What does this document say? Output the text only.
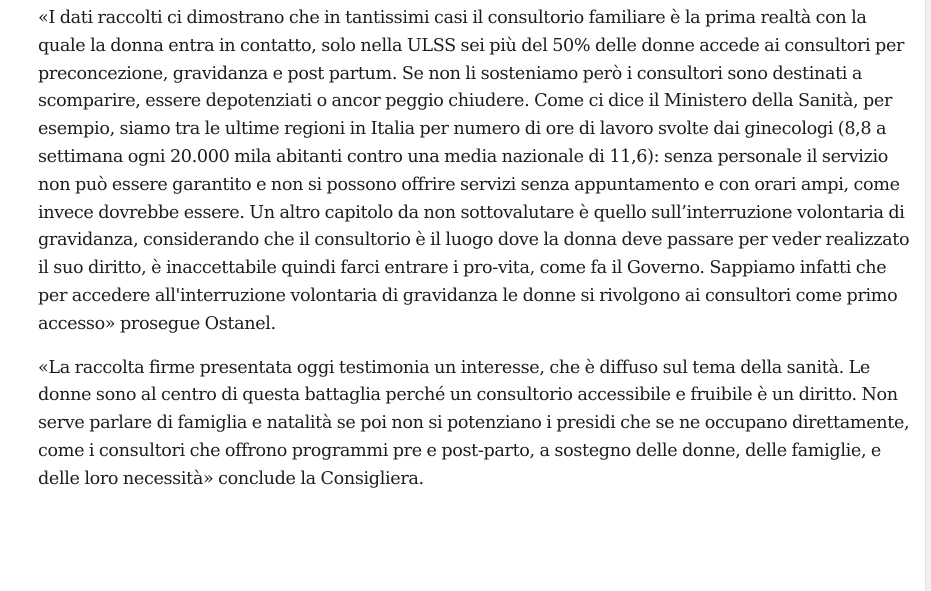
«I dati raccolti ci dimostrano che in tantissimi casi il consultorio familiare è la prima realtà con la quale la donna entra in contatto, solo nella ULSS sei più del 50% delle donne accede ai consultori per preconcezione, gravidanza e post partum. Se non li sosteniamo però i consultori sono destinati a scomparire, essere depotenziati o ancor peggio chiudere. Come ci dice il Ministero della Sanità, per esempio, siamo tra le ultime regioni in Italia per numero di ore di lavoro svolte dai ginecologi (8,8 a settimana ogni 20.000 mila abitanti contro una media nazionale di 11,6): senza personale il servizio non può essere garantito e non si possono offrire servizi senza appuntamento e con orari ampi, come invece dovrebbe essere. Un altro capitolo da non sottovalutare è quello sull’interruzione volontaria di gravidanza, considerando che il consultorio è il luogo dove la donna deve passare per veder realizzato il suo diritto, è inaccettabile quindi farci entrare i pro-vita, come fa il Governo. Sappiamo infatti che per accedere all'interruzione volontaria di gravidanza le donne si rivolgono ai consultori come primo accesso» prosegue Ostanel.

«La raccolta firme presentata oggi testimonia un interesse, che è diffuso sul tema della sanità. Le donne sono al centro di questa battaglia perché un consultorio accessibile e fruibile è un diritto. Non serve parlare di famiglia e natalità se poi non si potenziano i presidi che se ne occupano direttamente, come i consultori che offrono programmi pre e post-parto, a sostegno delle donne, delle famiglie, e delle loro necessità» conclude la Consigliera.
